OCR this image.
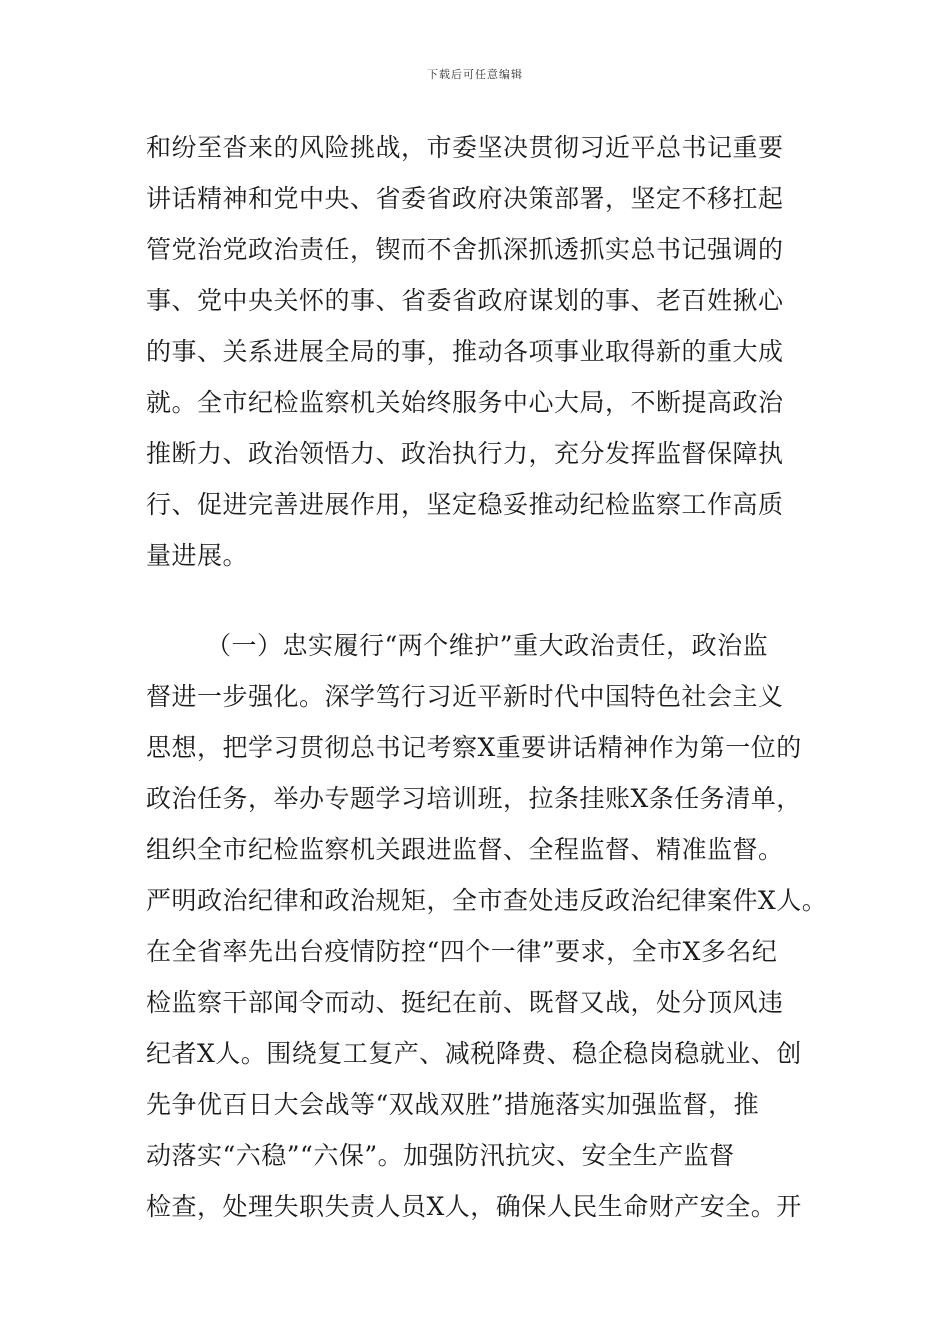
下载后可任意编辑
和纷至沓来的风险挑战，市委坚决贯彻习近平总书记重要
讲话精神和党中央、省委省政府决策部署，坚定不移扛起
管党治党政治责任，锲而不舍抓深抓透抓实总书记强调的
事、党中央关怀的事、省委省政府谋划的事、老百姓揪心
的事、关系进展全局的事，推动各项事业取得新的重大成
就。全市纪检监察机关始终服务中心大局，不断提高政治
推断力、政治领悟力、政治执行力，充分发挥监督保障执
行、促进完善进展作用，坚定稳妥推动纪检监察工作高质
量进展。
（一）忠实履行“两个维护”重大政治责任，政治监
督进一步强化。深学笃行习近平新时代中国特色社会主义
思想，把学习贯彻总书记考察X重要讲话精神作为第一位的
政治任务，举办专题学习培训班，拉条挂账X条任务清单，
组织全市纪检监察机关跟进监督、全程监督、精准监督。
严明政治纪律和政治规矩，全市查处违反政治纪律案件X人。
在全省率先出台疫情防控“四个一律”要求，全市X多名纪
检监察干部闻令而动、挺纪在前、既督又战，处分顶风违
纪者X人。围绕复工复产、减税降费、稳企稳岗稳就业、创
先争优百日大会战等“双战双胜”措施落实加强监督，推
动落实“六稳”“六保”。加强防汛抗灾、安全生产监督
检查，处理失职失责人员X人，确保人民生命财产安全。开
